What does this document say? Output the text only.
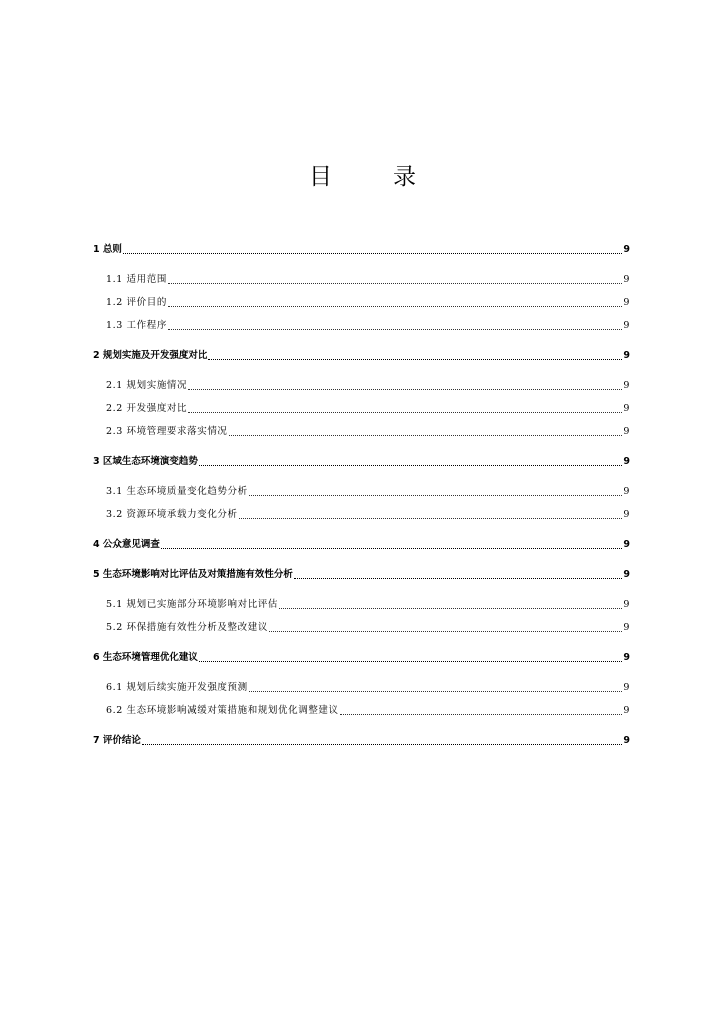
目	录
1 总则	9
1.1 适用范围	9
1.2 评价目的	9
1.3 工作程序	9
2 规划实施及开发强度对比	9
2.1 规划实施情况	9
2.2 开发强度对比	9
2.3 环境管理要求落实情况	9
3 区域生态环境演变趋势	9
3.1 生态环境质量变化趋势分析	9
3.2 资源环境承载力变化分析	9
4 公众意见调查	9
5 生态环境影响对比评估及对策措施有效性分析	9
5.1 规划已实施部分环境影响对比评估	9
5.2 环保措施有效性分析及整改建议	9
6 生态环境管理优化建议	9
6.1 规划后续实施开发强度预测	9
6.2 生态环境影响减缓对策措施和规划优化调整建议	9
7 评价结论	9
